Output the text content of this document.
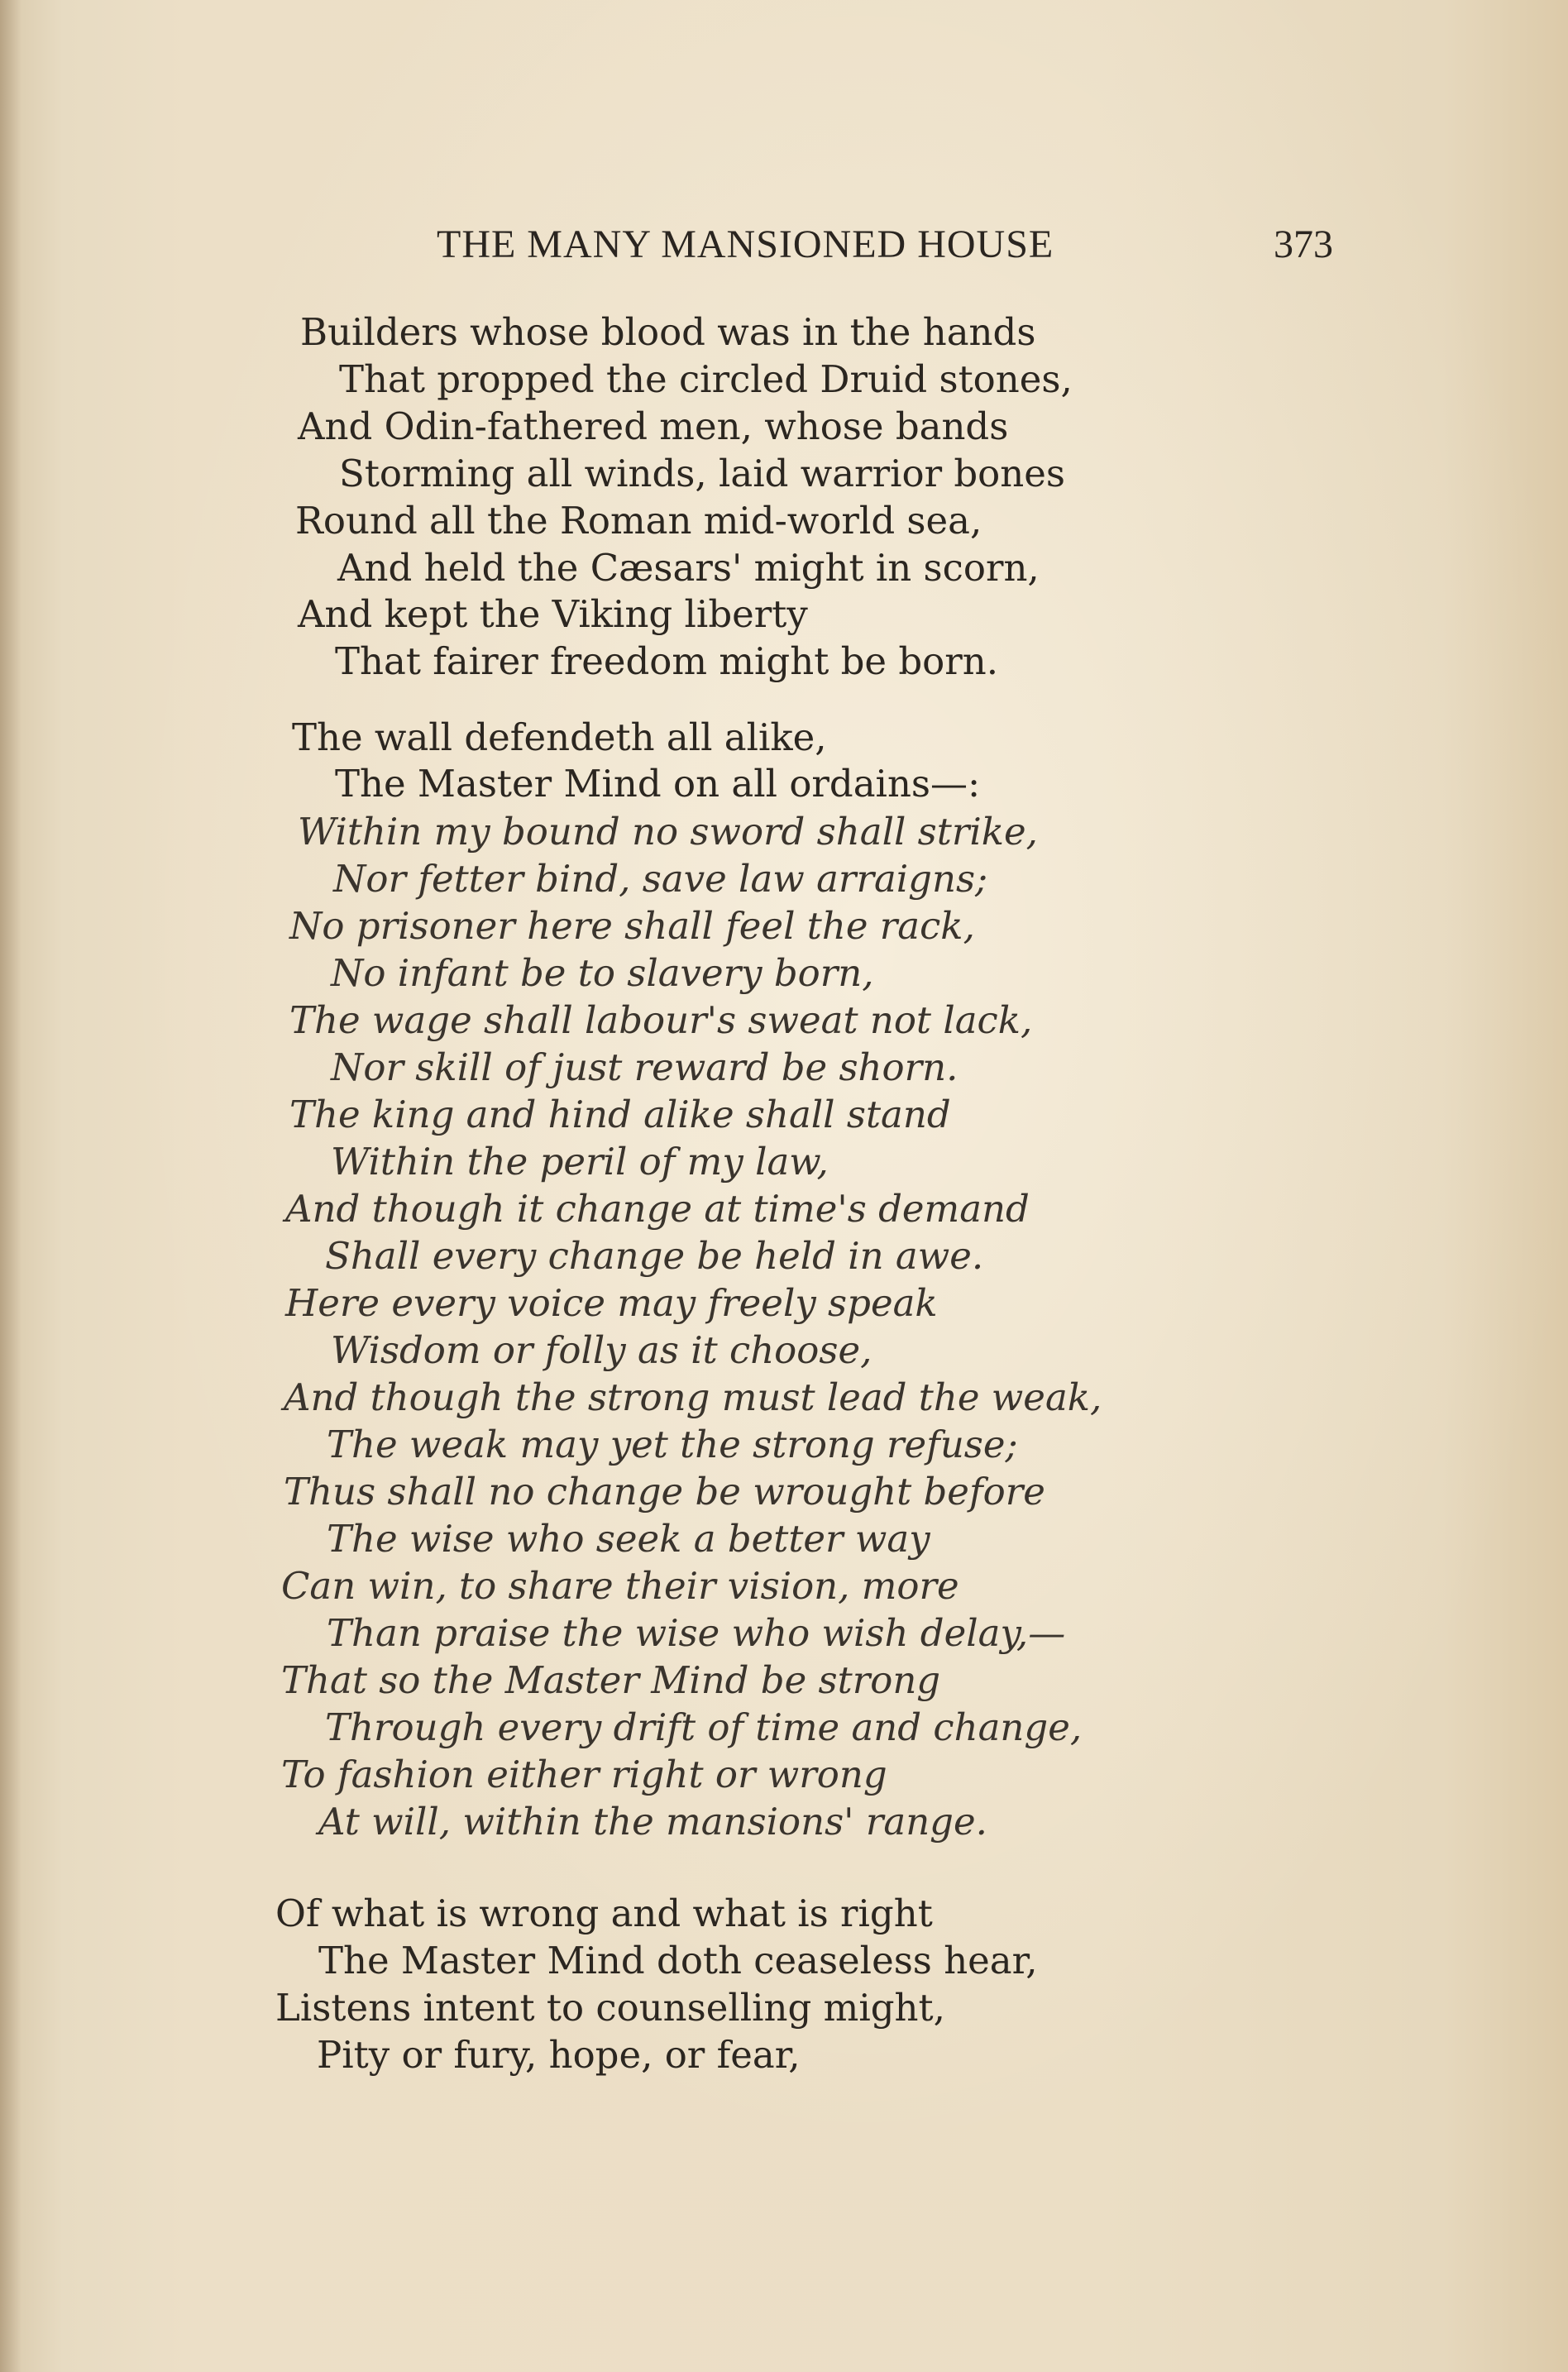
THE MANY MANSIONED HOUSE	373
Builders whose blood was in the hands
That propped the circled Druid stones,
And Odin-fathered men, whose bands
Storming all winds, laid warrior bones
Round all the Roman mid-world sea,
And held the Cæsars' might in scorn,
And kept the Viking liberty
That fairer freedom might be born.
The wall defendeth all alike,
The Master Mind on all ordains—:
Within my bound no sword shall strike,
Nor fetter bind, save law arraigns;
No prisoner here shall feel the rack,
No infant be to slavery born,
The wage shall labour's sweat not lack,
Nor skill of just reward be shorn.
The king and hind alike shall stand
Within the peril of my law,
And though it change at time's demand
Shall every change be held in awe.
Here every voice may freely speak
Wisdom or folly as it choose,
And though the strong must lead the weak,
The weak may yet the strong refuse;
Thus shall no change be wrought before
The wise who seek a better way
Can win, to share their vision, more
Than praise the wise who wish delay,—
That so the Master Mind be strong
Through every drift of time and change,
To fashion either right or wrong
At will, within the mansions' range.
Of what is wrong and what is right
The Master Mind doth ceaseless hear,
Listens intent to counselling might,
Pity or fury, hope, or fear,
